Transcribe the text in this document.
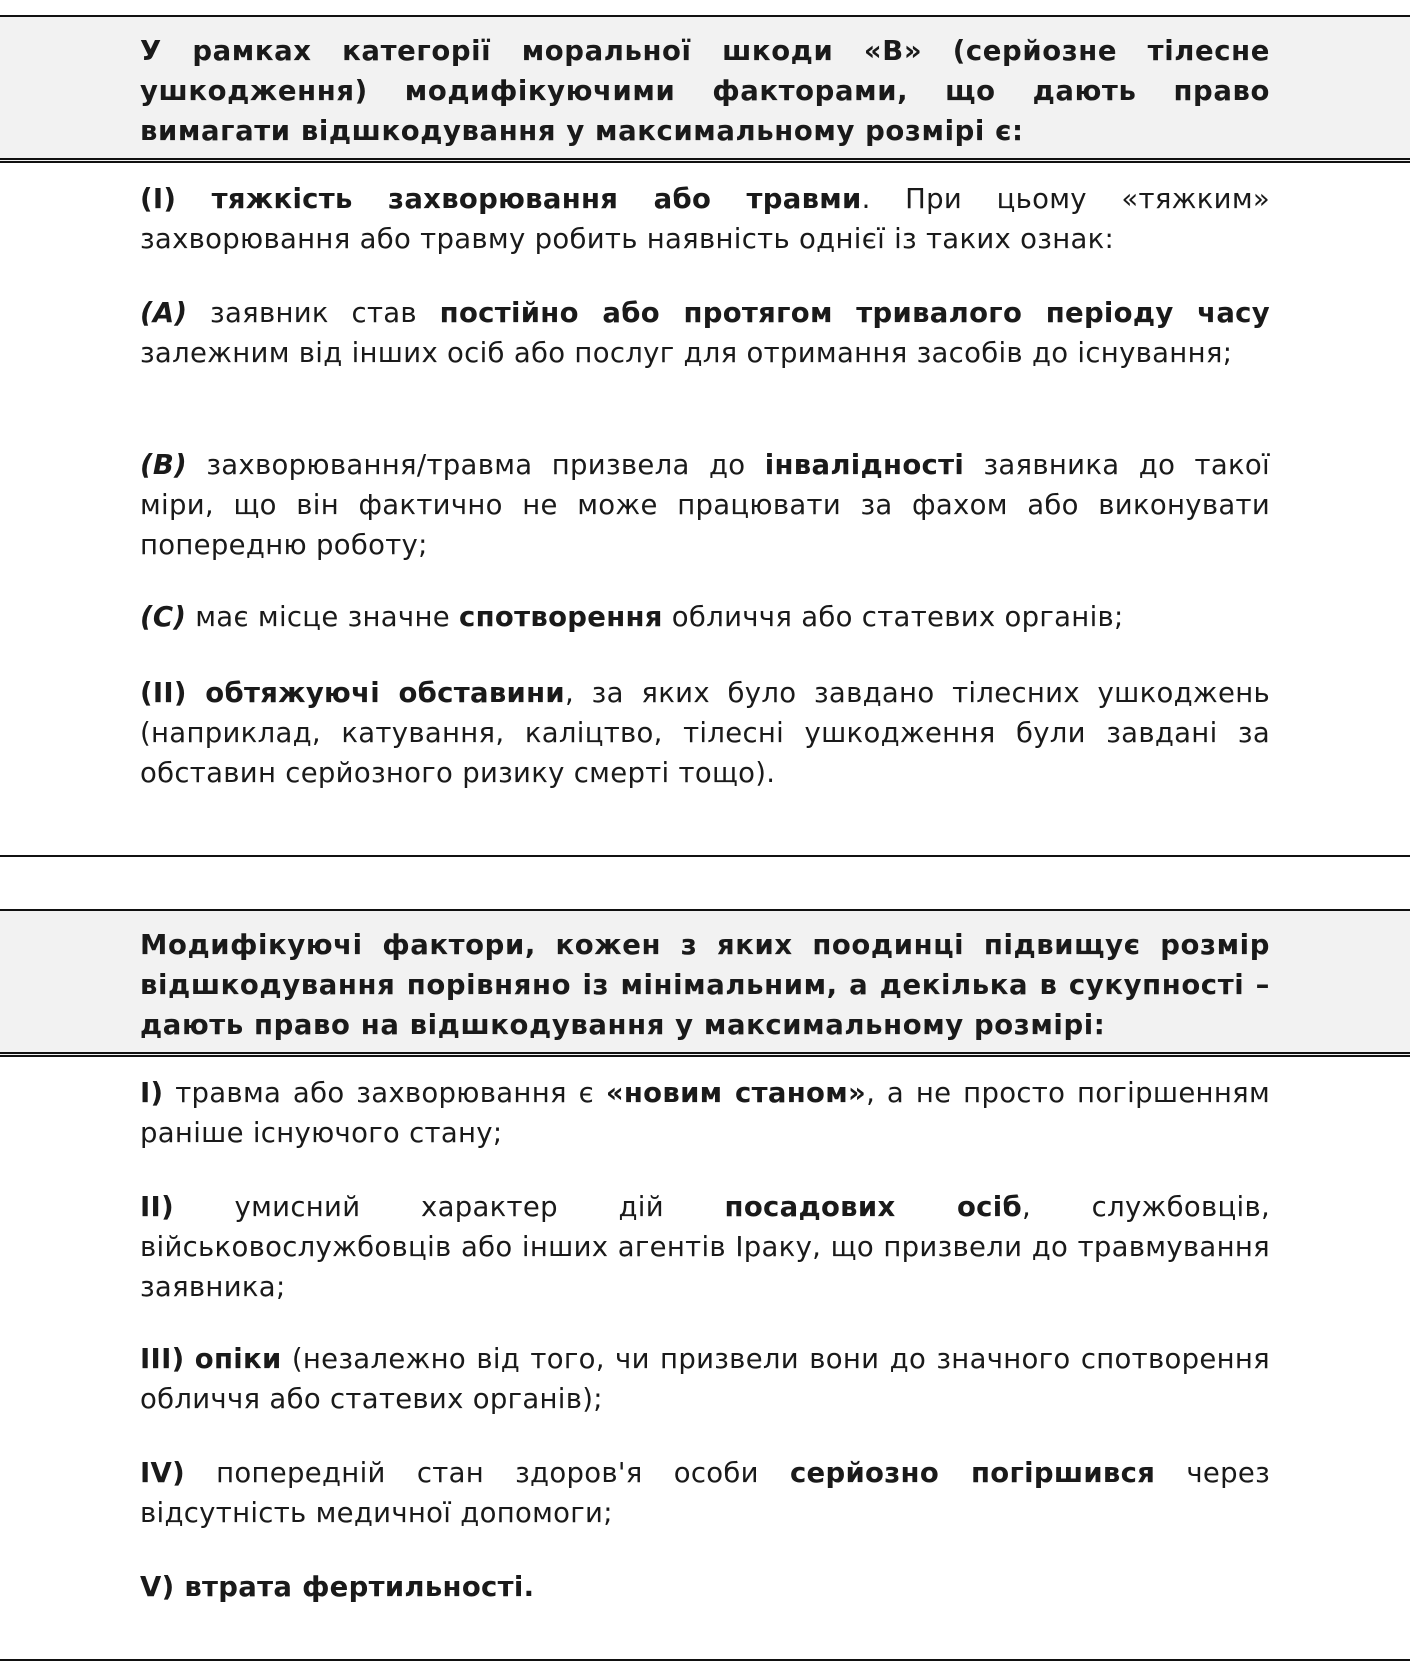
У рамках категорії моральної шкоди «B» (серйозне тілесне ушкодження) модифікуючими факторами, що дають право вимагати відшкодування у максимальному розмірі є:

(I) тяжкість захворювання або травми. При цьому «тяжким» захворювання або травму робить наявність однієї із таких ознак:

(A) заявник став постійно або протягом тривалого періоду часу залежним від інших осіб або послуг для отримання засобів до існування;

(B) захворювання/травма призвела до інвалідності заявника до такої міри, що він фактично не може працювати за фахом або виконувати попередню роботу;

(C) має місце значне спотворення обличчя або статевих органів;

(II) обтяжуючі обставини, за яких було завдано тілесних ушкоджень (наприклад, катування, каліцтво, тілесні ушкодження були завдані за обставин серйозного ризику смерті тощо).

Модифікуючі фактори, кожен з яких поодинці підвищує розмір відшкодування порівняно із мінімальним, а декілька в сукупності – дають право на відшкодування у максимальному розмірі:

I) травма або захворювання є «новим станом», а не просто погіршенням раніше існуючого стану;

II) умисний характер дій посадових осіб, службовців, військовослужбовців або інших агентів Іраку, що призвели до травмування заявника;

III) опіки (незалежно від того, чи призвели вони до значного спотворення обличчя або статевих органів);

IV) попередній стан здоров'я особи серйозно погіршився через відсутність медичної допомоги;

V) втрата фертильності.
